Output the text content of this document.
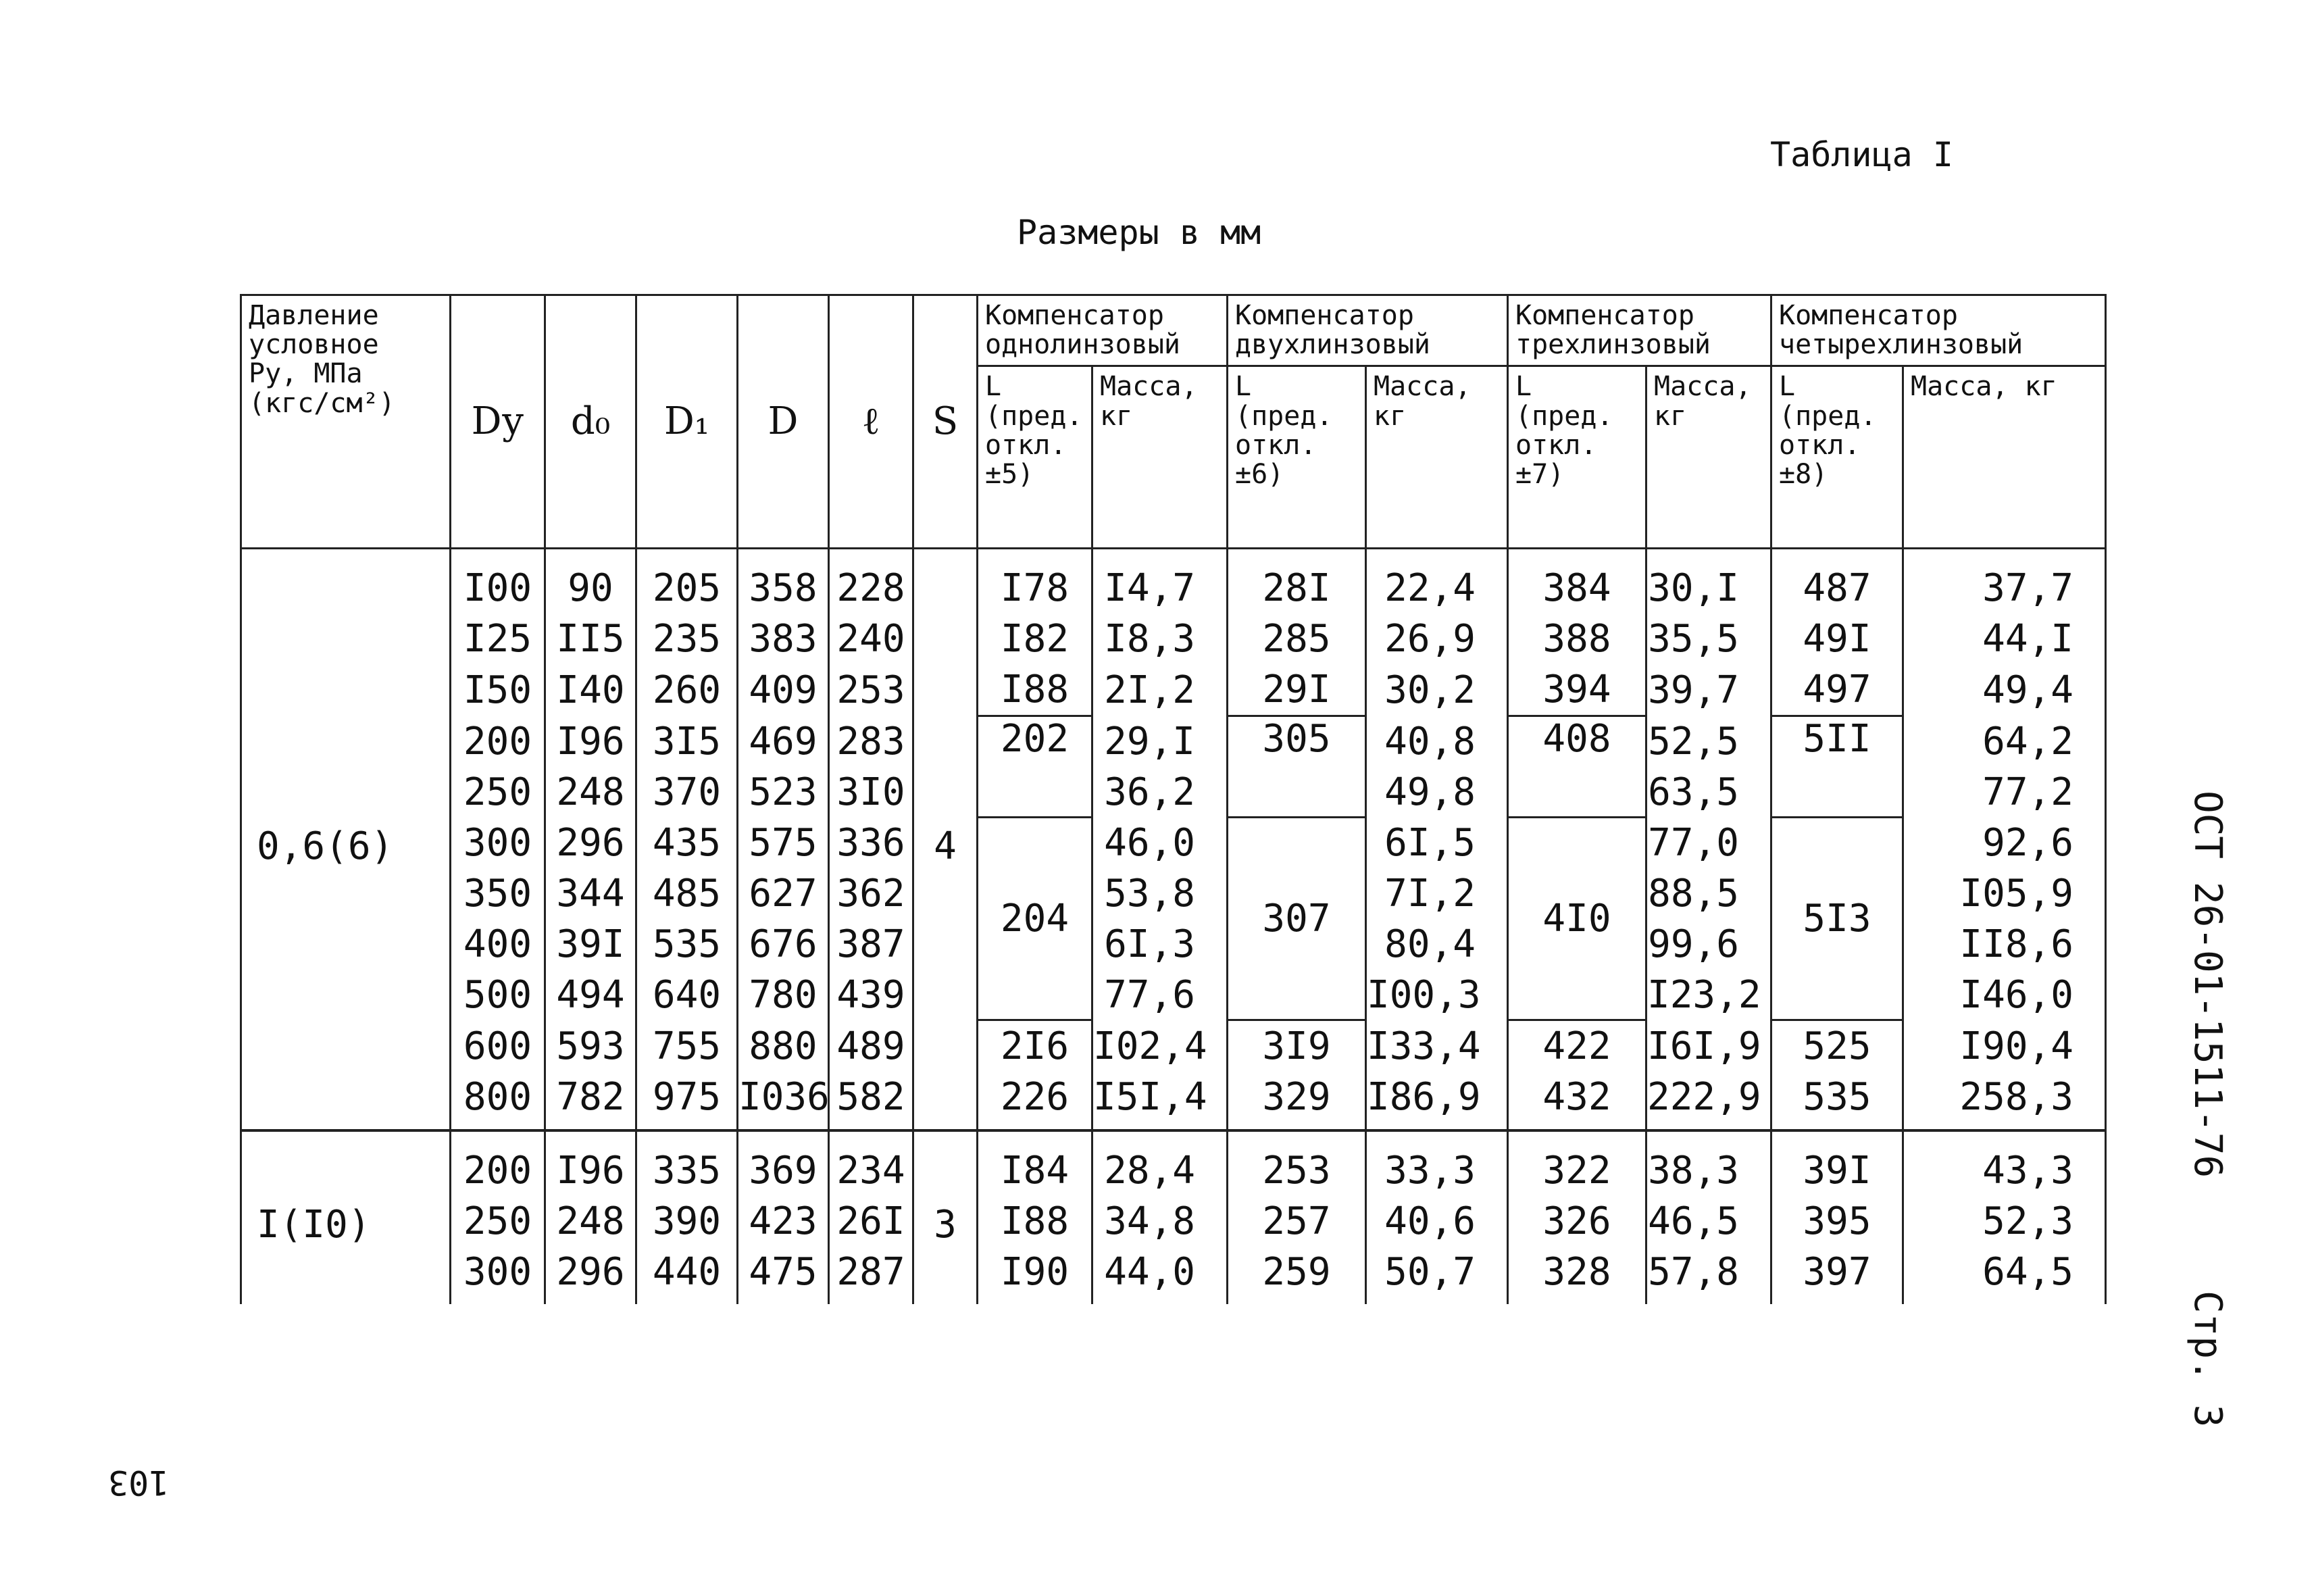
Таблица I
Размеры в мм
ОСТ 26-01-1511-76
Стр. 3
103
Давление условное Pу, МПа (кгс/см²)	Dу	d₀	D₁	D	ℓ	S	Компенсатор однолинзовый		Компенсатор двухлинзовый		Компенсатор трехлинзовый		Компенсатор четырехлинзовый	
							L (пред. откл. ±5)	Масса, кг	L (пред. откл. ±6)	Масса, кг	L (пред. откл. ±7)	Масса, кг	L (пред. откл. ±8)	Масса, кг
0,6(6)	I00	90	205	358	228	4	I78	I4,7	28I	22,4	384	30,I	487	37,7
	I25	II5	235	383	240		I82	I8,3	285	26,9	388	35,5	49I	44,I
	I50	I40	260	409	253		I88	2I,2	29I	30,2	394	39,7	497	49,4
	200	I96	3I5	469	283		202	29,I	305	40,8	408	52,5	5II	64,2
	250	248	370	523	3I0			36,2		49,8		63,5		77,2
	300	296	435	575	336		204	46,0	307	6I,5	4I0	77,0	5I3	92,6
	350	344	485	627	362			53,8		7I,2		88,5		I05,9
	400	39I	535	676	387			6I,3		80,4		99,6		II8,6
	500	494	640	780	439			77,6		I00,3		I23,2		I46,0
	600	593	755	880	489		2I6	I02,4	3I9	I33,4	422	I6I,9	525	I90,4
	800	782	975	I036	582		226	I5I,4	329	I86,9	432	222,9	535	258,3
I(I0)	200	I96	335	369	234	3	I84	28,4	253	33,3	322	38,3	39I	43,3
	250	248	390	423	26I		I88	34,8	257	40,6	326	46,5	395	52,3
	300	296	440	475	287		I90	44,0	259	50,7	328	57,8	397	64,5
